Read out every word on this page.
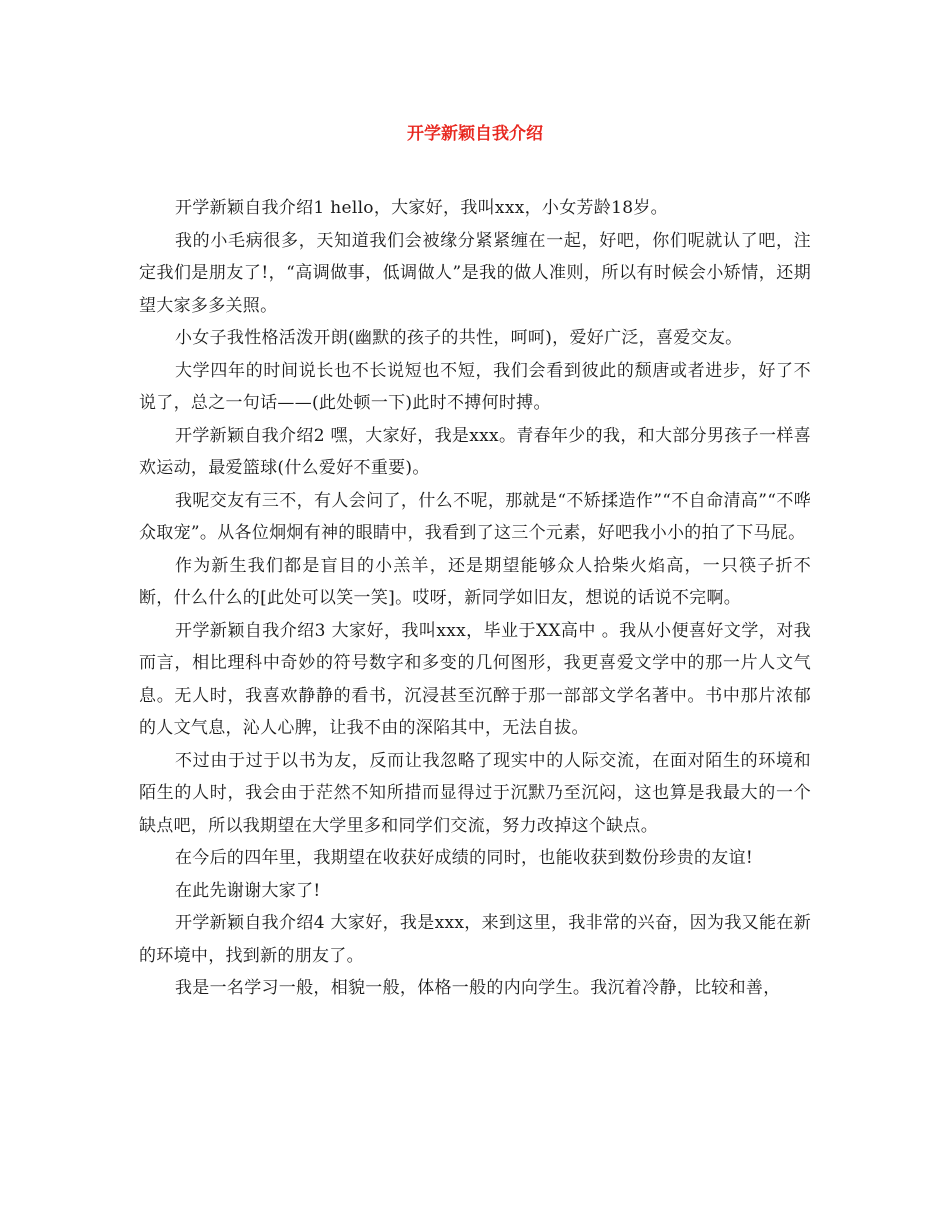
开学新颖自我介绍

开学新颖自我介绍1 hello，大家好，我叫xxx，小女芳龄18岁。

我的小毛病很多，天知道我们会被缘分紧紧缠在一起，好吧，你们呢就认了吧，注定我们是朋友了!，“高调做事，低调做人”是我的做人准则，所以有时候会小矫情，还期望大家多多关照。

小女子我性格活泼开朗(幽默的孩子的共性，呵呵)，爱好广泛，喜爱交友。

大学四年的时间说长也不长说短也不短，我们会看到彼此的颓唐或者进步，好了不说了，总之一句话——(此处顿一下)此时不搏何时搏。

开学新颖自我介绍2 嘿，大家好，我是xxx。青春年少的我，和大部分男孩子一样喜欢运动，最爱篮球(什么爱好不重要)。

我呢交友有三不，有人会问了，什么不呢，那就是“不矫揉造作”“不自命清高”“不哗众取宠”。从各位炯炯有神的眼睛中，我看到了这三个元素，好吧我小小的拍了下马屁。

作为新生我们都是盲目的小羔羊，还是期望能够众人拾柴火焰高，一只筷子折不断，什么什么的[此处可以笑一笑]。哎呀，新同学如旧友，想说的话说不完啊。

开学新颖自我介绍3 大家好，我叫xxx，毕业于XX高中 。我从小便喜好文学，对我而言，相比理科中奇妙的符号数字和多变的几何图形，我更喜爱文学中的那一片人文气息。无人时，我喜欢静静的看书，沉浸甚至沉醉于那一部部文学名著中。书中那片浓郁的人文气息，沁人心脾，让我不由的深陷其中，无法自拔。

不过由于过于以书为友，反而让我忽略了现实中的人际交流，在面对陌生的环境和陌生的人时，我会由于茫然不知所措而显得过于沉默乃至沉闷，这也算是我最大的一个缺点吧，所以我期望在大学里多和同学们交流，努力改掉这个缺点。

在今后的四年里，我期望在收获好成绩的同时，也能收获到数份珍贵的友谊!

在此先谢谢大家了!

开学新颖自我介绍4 大家好，我是xxx，来到这里，我非常的兴奋，因为我又能在新的环境中，找到新的朋友了。

我是一名学习一般，相貌一般，体格一般的内向学生。我沉着冷静，比较和善，
